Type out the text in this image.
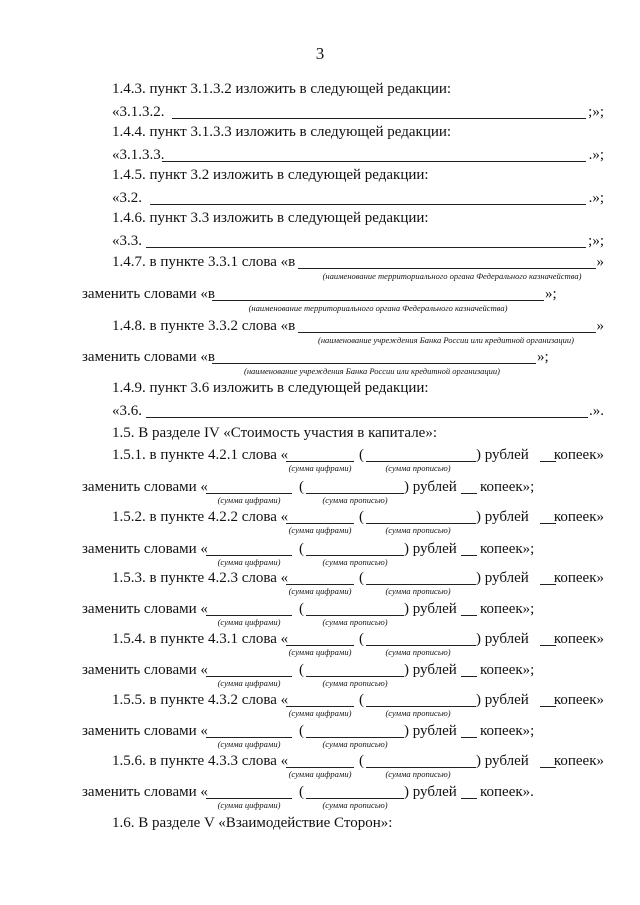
3
1.4.3. пункт 3.1.3.2 изложить в следующей редакции:
«3.1.3.2.	;»;
1.4.4. пункт 3.1.3.3 изложить в следующей редакции:
«3.1.3.3.	.»;
1.4.5. пункт 3.2 изложить в следующей редакции:
«3.2.	.»;
1.4.6. пункт 3.3 изложить в следующей редакции:
«3.3.	;»;
1.4.7. в пункте 3.3.1 слова «в	»
(наименование территориального органа Федерального казначейства)
заменить словами «в	»;
(наименование территориального органа Федерального казначейства)
1.4.8. в пункте 3.3.2 слова «в	»
(наименование учреждения Банка России или кредитной организации)
заменить словами «в	»;
(наименование учреждения Банка России или кредитной организации)
1.4.9. пункт 3.6 изложить в следующей редакции:
«3.6.	.».
1.5. В разделе IV «Стоимость участия в капитале»:
1.5.1. в пункте 4.2.1 слова «	(	) рублей копеек»
(сумма цифрами)	(сумма прописью)
заменить словами «	(	) рублей копеек»;
(сумма цифрами)	(сумма прописью)
1.5.2. в пункте 4.2.2 слова «	(	) рублей копеек»
(сумма цифрами)	(сумма прописью)
заменить словами «	(	) рублей копеек»;
(сумма цифрами)	(сумма прописью)
1.5.3. в пункте 4.2.3 слова «	(	) рублей копеек»
(сумма цифрами)	(сумма прописью)
заменить словами «	(	) рублей копеек»;
(сумма цифрами)	(сумма прописью)
1.5.4. в пункте 4.3.1 слова «	(	) рублей копеек»
(сумма цифрами)	(сумма прописью)
заменить словами «	(	) рублей копеек»;
(сумма цифрами)	(сумма прописью)
1.5.5. в пункте 4.3.2 слова «	(	) рублей копеек»
(сумма цифрами)	(сумма прописью)
заменить словами «	(	) рублей копеек»;
(сумма цифрами)	(сумма прописью)
1.5.6. в пункте 4.3.3 слова «	(	) рублей копеек»
(сумма цифрами)	(сумма прописью)
заменить словами «	(	) рублей копеек».
(сумма цифрами)	(сумма прописью)
1.6. В разделе V «Взаимодействие Сторон»:
